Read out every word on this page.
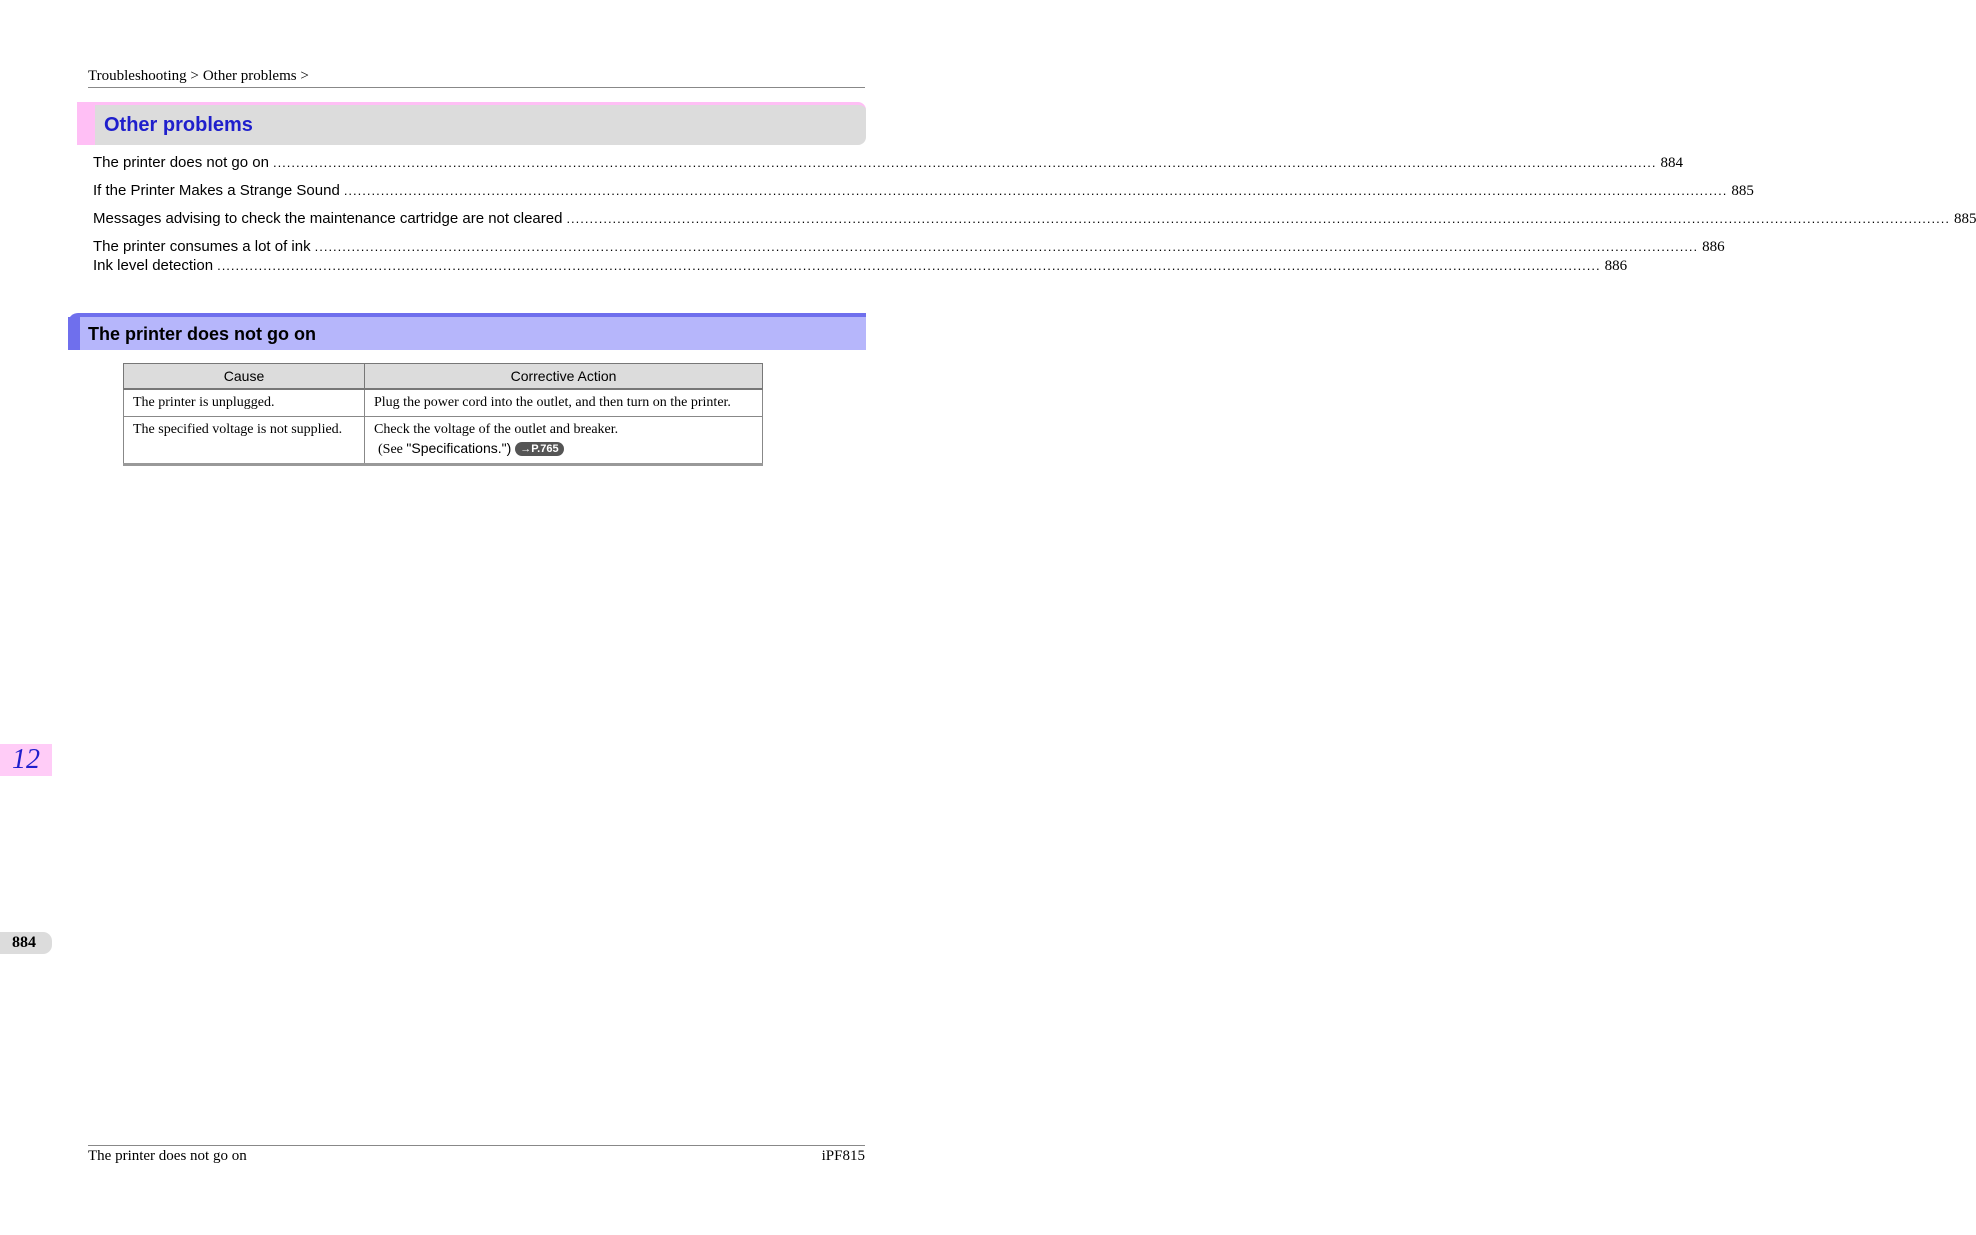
Troubleshooting > Other problems >
Other problems
The printer does not go on ............................................................................................................................................................................................................................................................................................................ 884
If the Printer Makes a Strange Sound ............................................................................................................................................................................................................................................................................................................ 885
Messages advising to check the maintenance cartridge are not cleared ............................................................................................................................................................................................................................................................................................................ 885
The printer consumes a lot of ink ............................................................................................................................................................................................................................................................................................................ 886
Ink level detection ............................................................................................................................................................................................................................................................................................................ 886
The printer does not go on
Cause	Corrective Action
The printer is unplugged.	Plug the power cord into the outlet, and then turn on the printer.
The specified voltage is not supplied.	Check the voltage of the outlet and breaker.
(See "Specifications.") →P.765
12
884
The printer does not go on	iPF815
